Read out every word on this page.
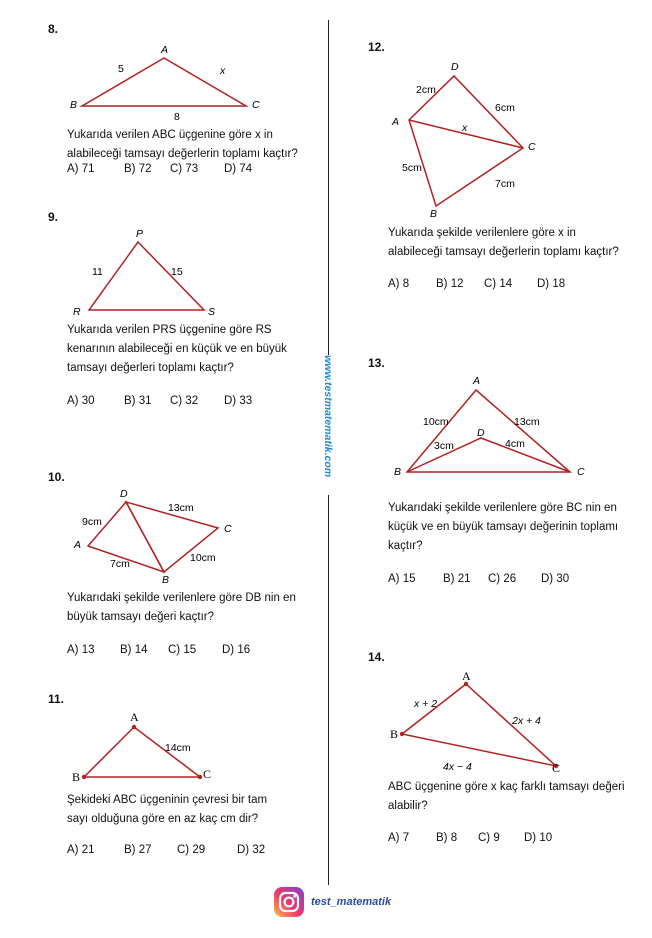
8.
A
B	C
5	x
8
Yukarıda verilen ABC üçgenine göre x in
alabileceği tamsayı değerlerin toplamı kaçtır?
A) 71	B) 72 C) 73 D) 74
9.
P
R	S
11	15
Yukarıda verilen PRS üçgenine göre RS
kenarının alabileceği en küçük ve en büyük
tamsayı değerleri toplamı kaçtır?
A) 30	B) 31 C) 32 D) 33
10.
D
A
B
C
9cm
7cm
13cm
10cm
Yukarıdaki şekilde verilenlere göre DB nin en
büyük tamsayı değeri kaçtır?
A) 13 B) 14 C) 15 D) 16
11.
A
B	C
14cm
Şekideki ABC üçgeninin çevresi bir tam
sayı olduğuna göre en az kaç cm dir?
A) 21	B) 27 C) 29	D) 32
www.testmatematik.com
12.
D
A
C
B
2cm
6cm
x
5cm
7cm
Yukarıda şekilde verilenlere göre x in
alabileceği tamsayı değerlerin toplamı kaçtır?
A) 8 B) 12 C) 14 D) 18
13.
A
B	C
D
10cm	13cm
3cm	4cm
Yukarıdaki şekilde verilenlere göre BC nin en
küçük ve en büyük tamsayı değerinin toplamı
kaçtır?
A) 15 B) 21 C) 26 D) 30
14.
A
B
C
x + 2
2x + 4
4x − 4
ABC üçgenine göre x kaç farklı tamsayı değeri
alabilir?
A) 7 B) 8 C) 9 D) 10
test_matematik
